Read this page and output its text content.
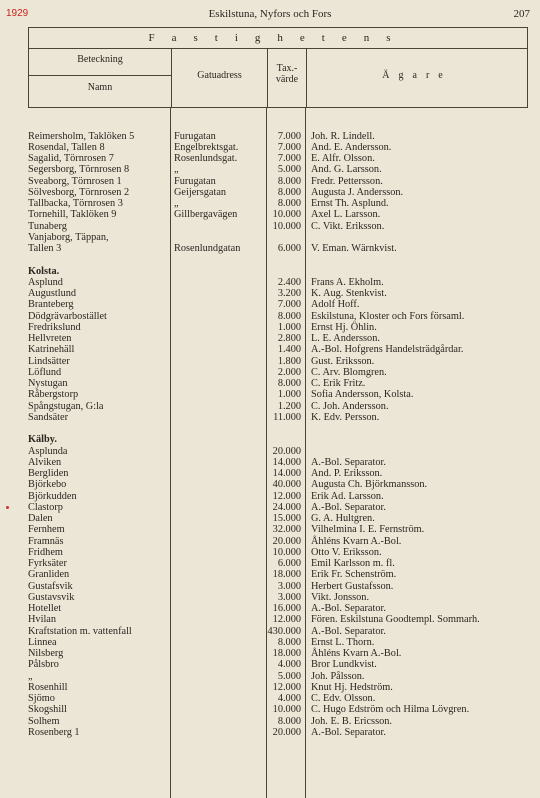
1929	Eskilstuna, Nyfors och Fors	207
Fastighetens
Beteckning
Namn
Gatuadress
Tax.-
värde	Ägare
Reimersholm, Taklöken 5	Furugatan	7.000 Joh. R. Lindell.
Rosendal, Tallen 8	Engelbrektsgat.	7.000 And. E. Andersson.
Sagalid, Törnrosen 7	Rosenlundsgat.	7.000 E. Alfr. Olsson.
Segersborg, Törnrosen 8	„	5.000 And. G. Larsson.
Sveaborg, Törnrosen 1	Furugatan	8.000 Fredr. Pettersson.
Sölvesborg, Törnrosen 2	Geijersgatan	8.000 Augusta J. Andersson.
Tallbacka, Törnrosen 3	„	8.000 Ernst Th. Asplund.
Tornehill, Taklöken 9	Gillbergavägen	10.000 Axel L. Larsson.
Tunaberg	10.000 C. Vikt. Eriksson.
Vanjaborg, Täppan,
Tallen 3	Rosenlundgatan	6.000 V. Eman. Wärnkvist.
Kolsta.
Asplund	2.400 Frans A. Ekholm.
Augustlund	3.200 K. Aug. Stenkvist.
Branteberg	7.000 Adolf Hoff.
Dödgrävarbostället	8.000 Eskilstuna, Kloster och Fors församl.
Fredrikslund	1.000 Ernst Hj. Öhlin.
Hellvreten	2.800 L. E. Andersson.
Katrinehäll	1.400 A.-Bol. Hofgrens Handelsträdgårdar.
Lindsätter	1.800 Gust. Eriksson.
Löflund	2.000 C. Arv. Blomgren.
Nystugan	8.000 C. Erik Fritz.
Råbergstorp	1.000 Sofia Andersson, Kolsta.
Spångstugan, G:la	1.200 C. Joh. Andersson.
Sandsäter	11.000 K. Edv. Persson.
Kälby.
Asplunda	20.000
Alviken	14.000 A.-Bol. Separator.
Bergliden	14.000 And. P. Eriksson.
Björkebo	40.000 Augusta Ch. Björkmansson.
Björkudden	12.000 Erik Ad. Larsson.
Clastorp	24.000 A.-Bol. Separator.
Dalen	15.000 G. A. Hultgren.
Fernhem	32.000 Vilhelmina I. E. Fernström.
Framnäs	20.000 Åhléns Kvarn A.-Bol.
Fridhem	10.000 Otto V. Eriksson.
Fyrksäter	6.000 Emil Karlsson m. fl.
Granliden	18.000 Erik Fr. Schenström.
Gustafsvik	3.000 Herbert Gustafsson.
Gustavsvik	3.000 Vikt. Jonsson.
Hotellet	16.000 A.-Bol. Separator.
Hvilan	12.000 Fören. Eskilstuna Goodtempl. Sommarh.
Kraftstation m. vattenfall	430.000 A.-Bol. Separator.
Linnea	8.000 Ernst L. Thorn.
Nilsberg	18.000 Åhléns Kvarn A.-Bol.
Pålsbro	4.000 Bror Lundkvist.
„	5.000 Joh. Pålsson.
Rosenhill	12.000 Knut Hj. Hedström.
Sjömo	4.000 C. Edv. Olsson.
Skogshill	10.000 C. Hugo Edström och Hilma Lövgren.
Solhem	8.000 Joh. E. B. Ericsson.
Rosenberg 1	20.000 A.-Bol. Separator.
